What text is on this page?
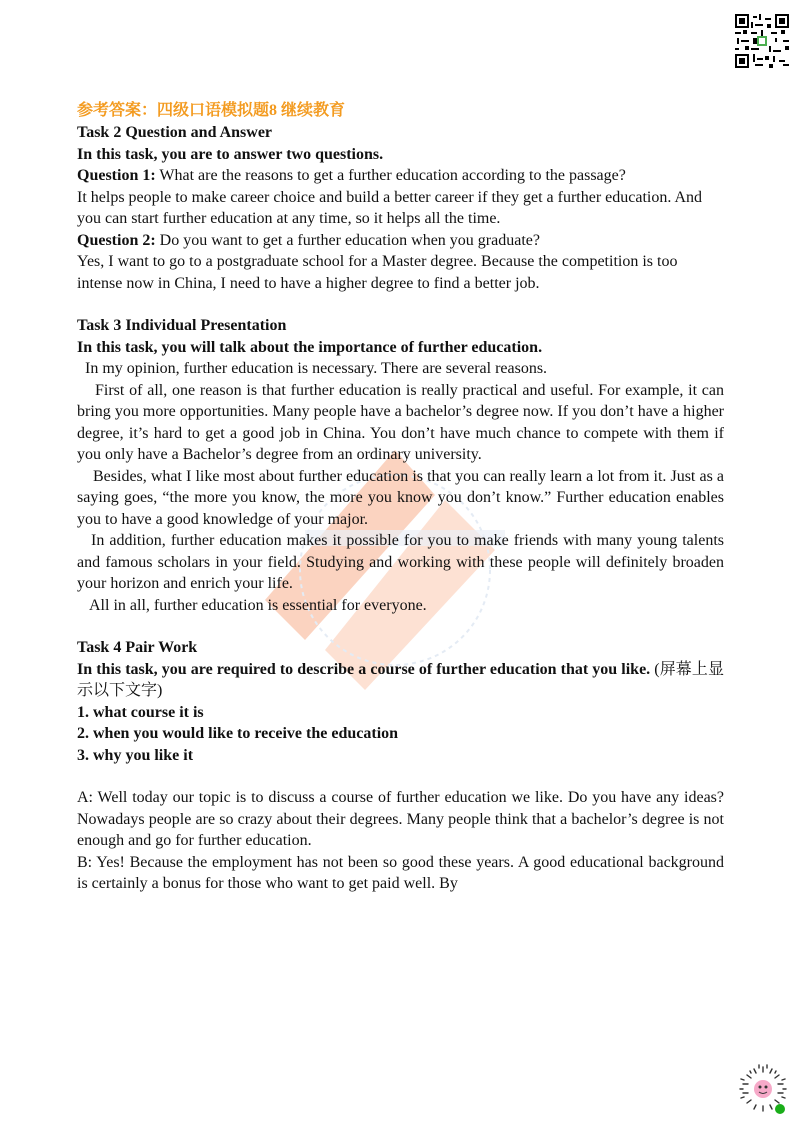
参考答案：四级口语模拟题8 继续教育

Task 2 Question and Answer

In this task, you are to answer two questions.

Question 1: What are the reasons to get a further education according to the passage?

It helps people to make career choice and build a better career if they get a further education. And you can start further education at any time, so it helps all the time.

Question 2: Do you want to get a further education when you graduate?

Yes, I want to go to a postgraduate school for a Master degree. Because the competition is too intense now in China, I need to have a higher degree to find a better job.

Task 3 Individual Presentation

In this task, you will talk about the importance of further education.

In my opinion, further education is necessary. There are several reasons.

First of all, one reason is that further education is really practical and useful. For example, it can bring you more opportunities. Many people have a bachelor’s degree now. If you don’t have a higher degree, it’s hard to get a good job in China. You don’t have much chance to compete with them if you only have a Bachelor’s degree from an ordinary university.

Besides, what I like most about further education is that you can really learn a lot from it. Just as a saying goes, “the more you know, the more you know you don’t know.” Further education enables you to have a good knowledge of your major.

In addition, further education makes it possible for you to make friends with many young talents and famous scholars in your field. Studying and working with these people will definitely broaden your horizon and enrich your life.

All in all, further education is essential for everyone.

Task 4 Pair Work

In this task, you are required to describe a course of further education that you like. (屏幕上显示以下文字)

1. what course it is

2. when you would like to receive the education

3. why you like it

A: Well today our topic is to discuss a course of further education we like. Do you have any ideas? Nowadays people are so crazy about their degrees. Many people think that a bachelor’s degree is not enough and go for further education.

B: Yes! Because the employment has not been so good these years. A good educational background is certainly a bonus for those who want to get paid well. By
